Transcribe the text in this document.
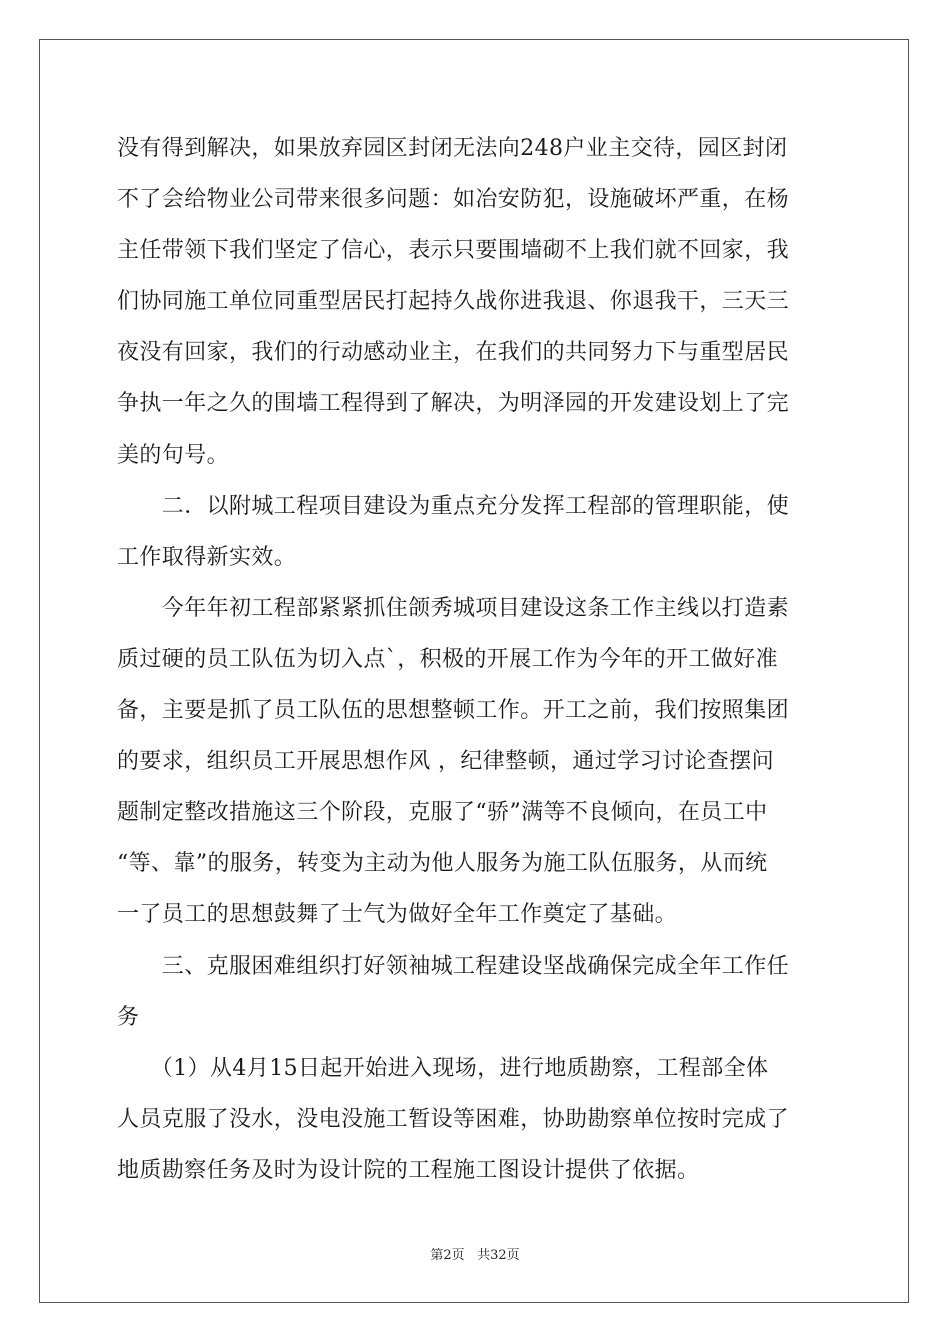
没有得到解决，如果放弃园区封闭无法向248户业主交待，园区封闭
不了会给物业公司带来很多问题：如冶安防犯，设施破坏严重，在杨
主任带领下我们坚定了信心，表示只要围墙砌不上我们就不回家，我
们协同施工单位同重型居民打起持久战你进我退、你退我干，三天三
夜没有回家，我们的行动感动业主，在我们的共同努力下与重型居民
争执一年之久的围墙工程得到了解决，为明泽园的开发建设划上了完
美的句号。
　　二．以附城工程项目建设为重点充分发挥工程部的管理职能，使
工作取得新实效。
　　今年年初工程部紧紧抓住颌秀城项目建设这条工作主线以打造素
质过硬的员工队伍为切入点`，积极的开展工作为今年的开工做好准
备，主要是抓了员工队伍的思想整顿工作。开工之前，我们按照集团
的要求，组织员工开展思想作风 ，纪律整顿，通过学习讨论查摆问
题制定整改措施这三个阶段，克服了“骄”满等不良倾向，在员工中
“等、靠”的服务，转变为主动为他人服务为施工队伍服务，从而统
一了员工的思想鼓舞了士气为做好全年工作奠定了基础。
　　三、克服困难组织打好领袖城工程建设坚战确保完成全年工作任
务
　　（1）从4月15日起开始进入现场，进行地质勘察，工程部全体
人员克服了没水，没电没施工暂设等困难，协助勘察单位按时完成了
地质勘察任务及时为设计院的工程施工图设计提供了依据。
第2页 共32页
